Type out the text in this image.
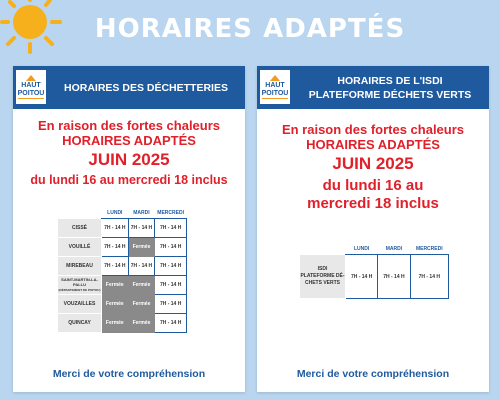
HORAIRES ADAPTÉS
HAUT
POITOU	HORAIRES DES DÉCHETTERIES
En raison des fortes chaleurs
HORAIRES ADAPTÉS
JUIN 2025
du lundi 16 au mercredi 18 inclus
	LUNDI	MARDI	MERCREDI
CISSÉ	7H - 14 H	7H - 14 H	7H - 14 H
VOUILLÉ	7H - 14 H	Fermée	7H - 14 H
MIREBEAU	7H - 14 H	7H - 14 H	7H - 14 H
SAINT-MARTIN-LA-PALLU
(DÉPARTEMENT DE POITOU)	Fermée	Fermée	7H - 14 H
VOUZAILLES	Fermée	Fermée	7H - 14 H
QUINCAY	Fermée	Fermée	7H - 14 H
Merci de votre compréhension
HAUT
POITOU
HORAIRES DE L'ISDI
PLATEFORME DÉCHETS VERTS
En raison des fortes chaleurs
HORAIRES ADAPTÉS
JUIN 2025
du lundi 16 au
mercredi 18 inclus
	LUNDI	MARDI	MERCREDI
ISDI PLATEFORME DÉ-CHETS VERTS	7H - 14 H	7H - 14 H	7H - 14 H
Merci de votre compréhension
